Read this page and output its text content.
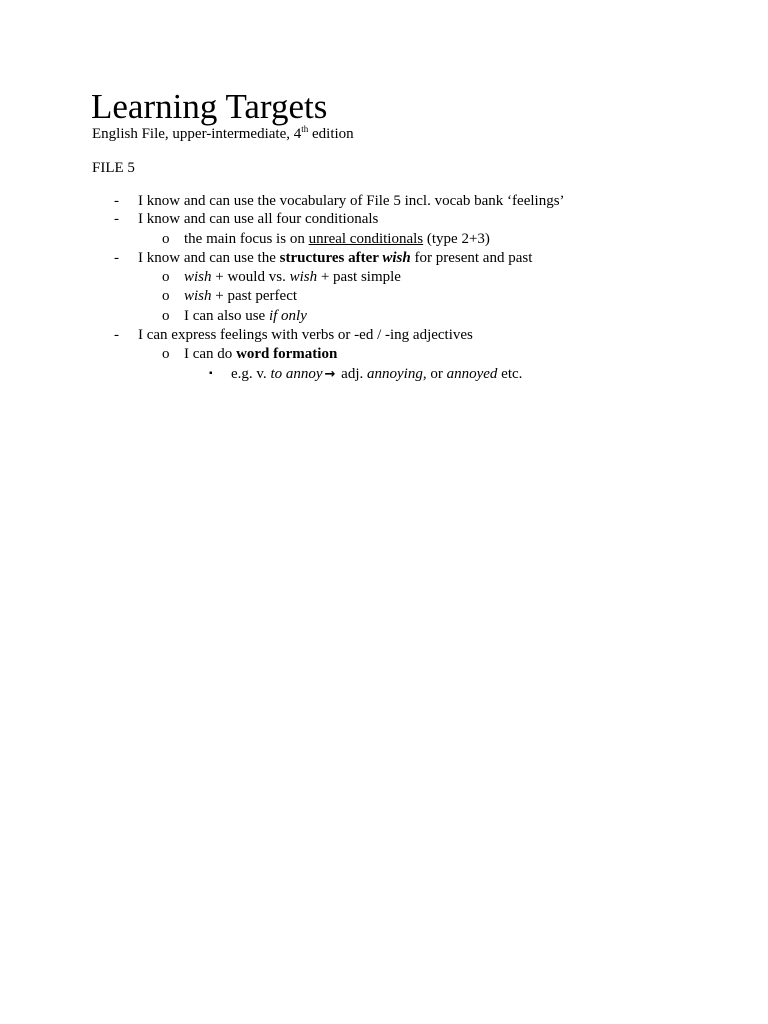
Learning Targets

English File, upper-intermediate, 4th edition

FILE 5

- I know and can use the vocabulary of File 5 incl. vocab bank ‘feelings’
- I know and can use all four conditionals
o the main focus is on unreal conditionals (type 2+3)
- I know and can use the structures after wish for present and past
o wish + would vs. wish + past simple
o wish + past perfect
o I can also use if only
- I can express feelings with verbs or -ed / -ing adjectives
o I can do word formation
▪ e.g. v. to annoy → adj. annoying, or annoyed etc.
